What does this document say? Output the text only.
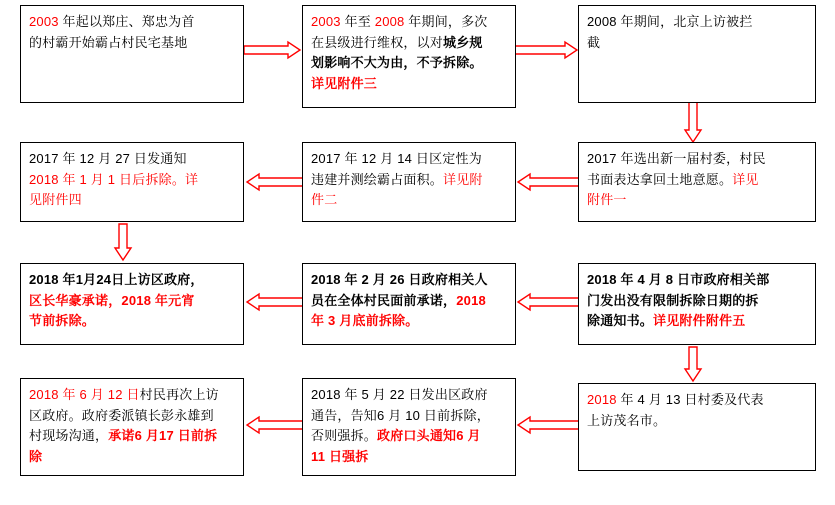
2003 年起以郑庄、郑忠为首
的村霸开始霸占村民宅基地
2003 年至 2008 年期间，多次
在县级进行维权，以对城乡规
划影响不大为由，不予拆除。
详见附件三
2008 年期间，北京上访被拦
截
2017 年 12 月 27 日发通知
2018 年 1 月 1 日后拆除。详
见附件四
2017 年 12 月 14 日区定性为
违建并测绘霸占面积。详见附
件二
2017 年选出新一届村委，村民
书面表达拿回土地意愿。详见
附件一
2018 年1月24日上访区政府，
区长华豪承诺，2018 年元宵
节前拆除。
2018 年 2 月 26 日政府相关人
员在全体村民面前承诺，2018
年 3 月底前拆除。
2018 年 4 月 8 日市政府相关部
门发出没有限制拆除日期的拆
除通知书。详见附件附件五
2018 年 6 月 12 日村民再次上访
区政府。政府委派镇长彭永雄到
村现场沟通，承诺6 月17 日前拆
除
2018 年 5 月 22 日发出区政府
通告，告知6 月 10 日前拆除，
否则强拆。政府口头通知6 月
11 日强拆
2018 年 4 月 13 日村委及代表
上访茂名市。
